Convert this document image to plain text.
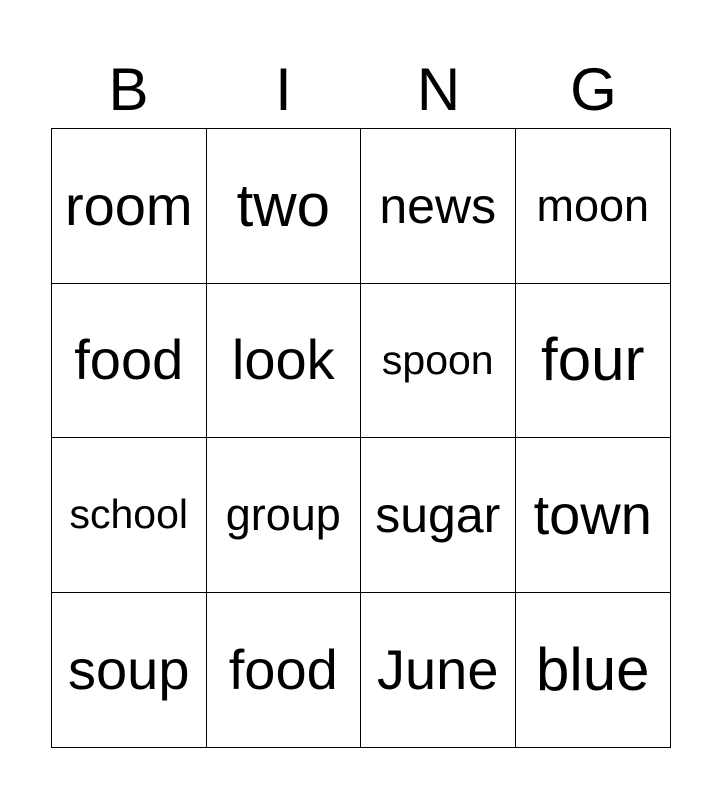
B	I	N	G
room two news moon
food look	spoon four
school group sugar town
soup food June blue
